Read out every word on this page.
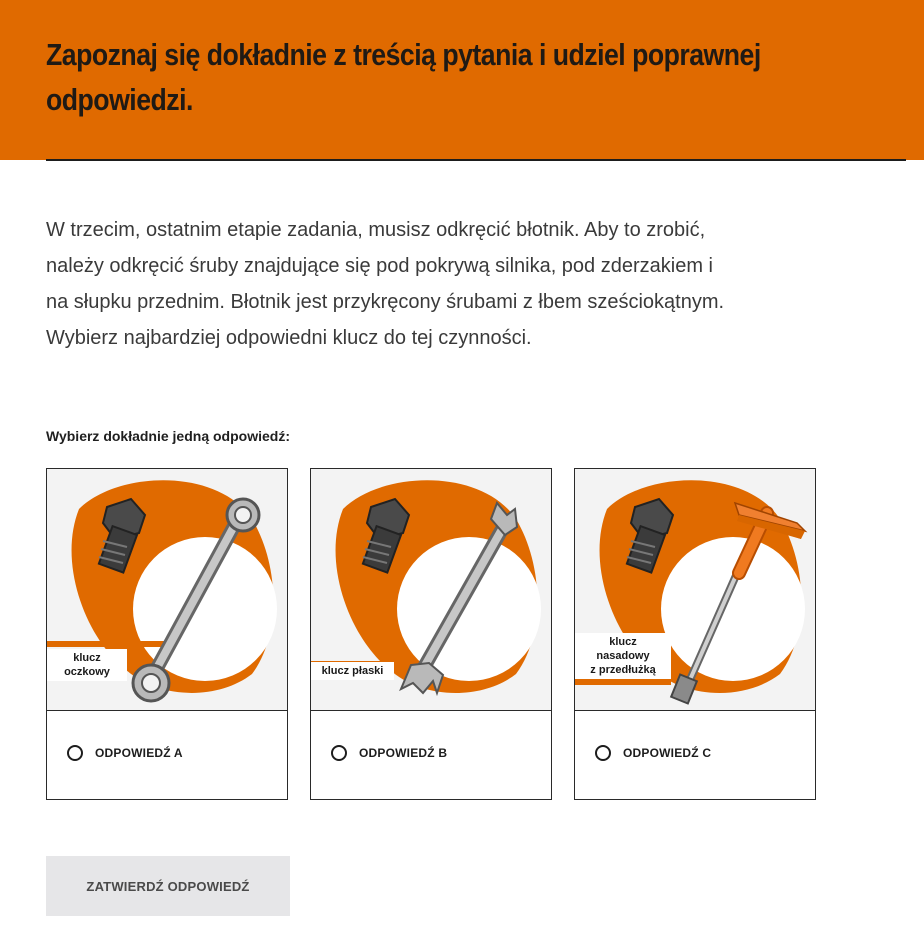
Zapoznaj się dokładnie z treścią pytania i udziel poprawnej
odpowiedzi.

W trzecim, ostatnim etapie zadania, musisz odkręcić błotnik. Aby to zrobić,
należy odkręcić śruby znajdujące się pod pokrywą silnika, pod zderzakiem i
na słupku przednim. Błotnik jest przykręcony śrubami z łbem sześciokątnym.
Wybierz najbardziej odpowiedni klucz do tej czynności.

Wybierz dokładnie jedną odpowiedź:

klucz
oczkowy
ODPOWIEDŹ A
klucz płaski
ODPOWIEDŹ B
klucz
nasadowy
z przedłużką
ODPOWIEDŹ C
ZATWIERDŹ ODPOWIEDŹ
